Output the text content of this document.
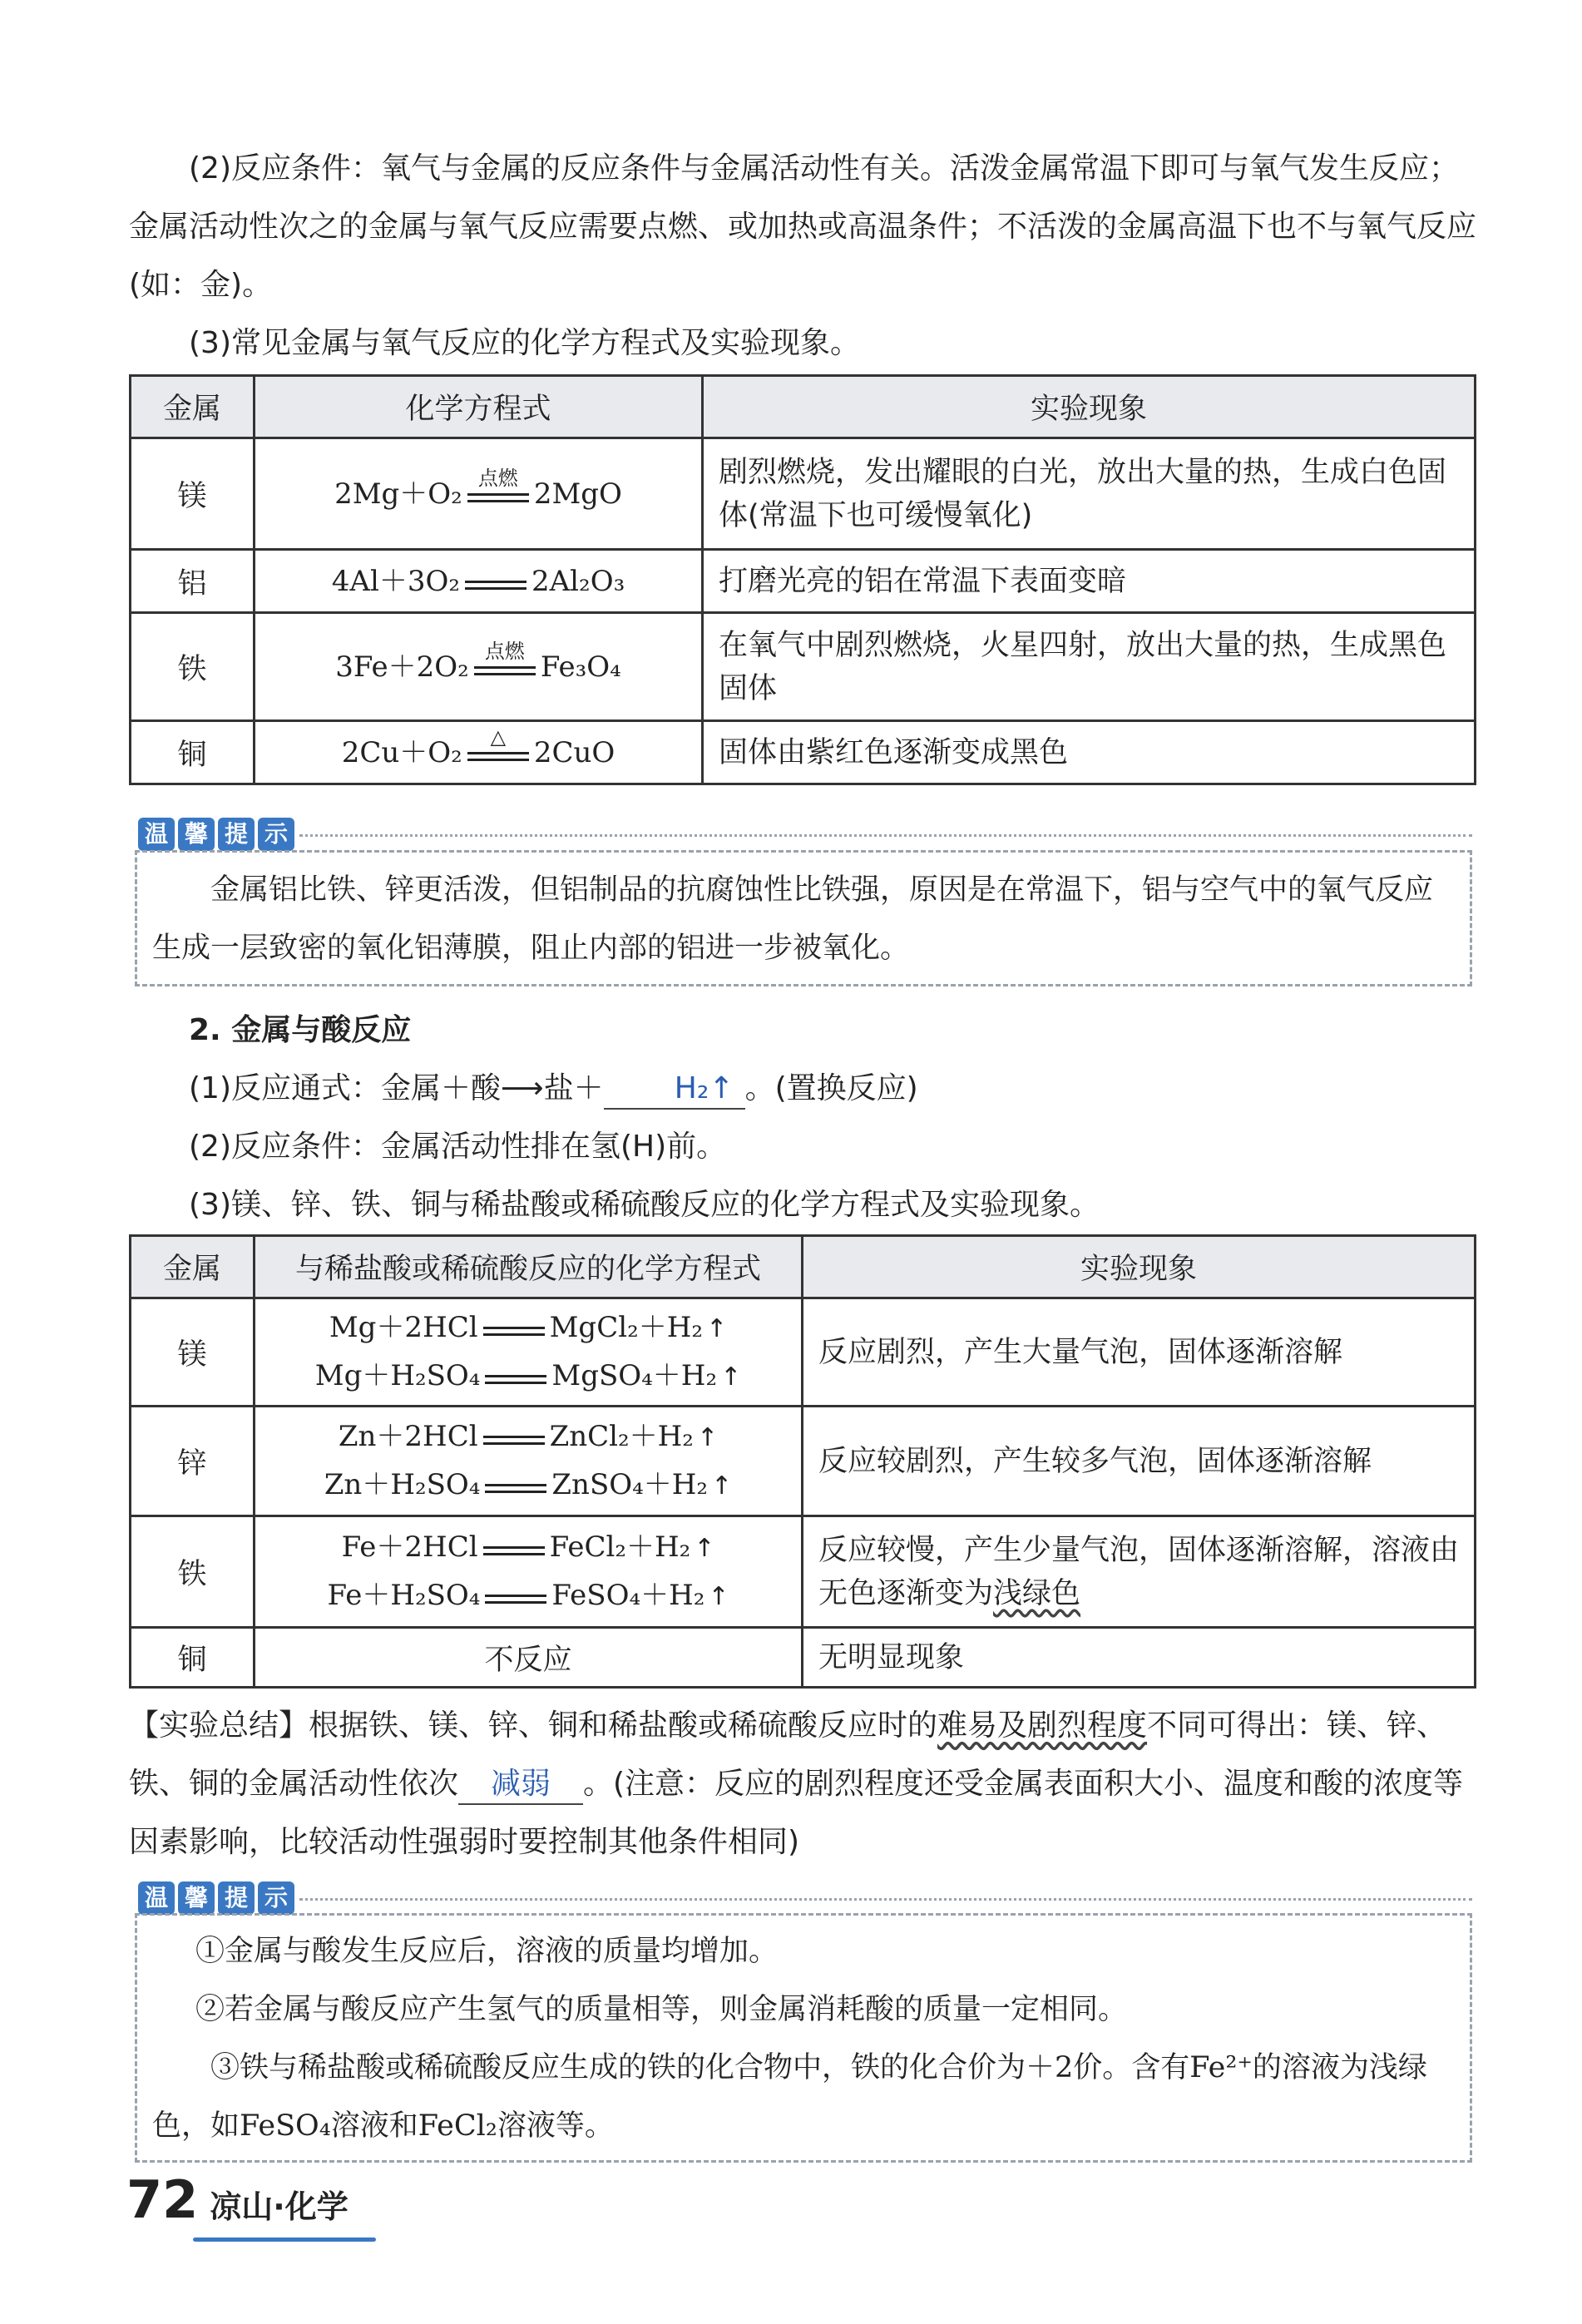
(2)反应条件：氧气与金属的反应条件与金属活动性有关。活泼金属常温下即可与氧气发生反应；金属活动性次之的金属与氧气反应需要点燃、或加热或高温条件；不活泼的金属高温下也不与氧气反应(如：金)。

(3)常见金属与氧气反应的化学方程式及实验现象。

金属	化学方程式	实验现象
镁	2Mg＋O₂ 点燃 2MgO	剧烈燃烧，发出耀眼的白光，放出大量的热，生成白色固体(常温下也可缓慢氧化)
铝	4Al＋3O₂ 2Al₂O₃	打磨光亮的铝在常温下表面变暗
铁	3Fe＋2O₂ 点燃 Fe₃O₄	在氧气中剧烈燃烧，火星四射，放出大量的热，生成黑色固体
铜	2Cu＋O₂ △ 2CuO	固体由紫红色逐渐变成黑色
温 馨 提 示

金属铝比铁、锌更活泼，但铝制品的抗腐蚀性比铁强，原因是在常温下，铝与空气中的氧气反应生成一层致密的氧化铝薄膜，阻止内部的铝进一步被氧化。

2. 金属与酸反应

(1)反应通式：金属＋酸⟶盐＋ H₂↑ 。(置换反应)

(2)反应条件：金属活动性排在氢(H)前。

(3)镁、锌、铁、铜与稀盐酸或稀硫酸反应的化学方程式及实验现象。

金属	与稀盐酸或稀硫酸反应的化学方程式	实验现象
镁	Mg＋2HCl MgCl₂＋H₂ ↑
Mg＋H₂SO₄ MgSO₄＋H₂ ↑	反应剧烈，产生大量气泡，固体逐渐溶解
锌	Zn＋2HCl ZnCl₂＋H₂ ↑
Zn＋H₂SO₄ ZnSO₄＋H₂ ↑	反应较剧烈，产生较多气泡，固体逐渐溶解
铁	Fe＋2HCl FeCl₂＋H₂ ↑
Fe＋H₂SO₄ FeSO₄＋H₂ ↑	反应较慢，产生少量气泡，固体逐渐溶解，溶液由无色逐渐变为浅绿色
铜	不反应	无明显现象

【实验总结】根据铁、镁、锌、铜和稀盐酸或稀硫酸反应时的难易及剧烈程度不同可得出：镁、锌、铁、铜的金属活动性依次 减弱 。(注意：反应的剧烈程度还受金属表面积大小、温度和酸的浓度等因素影响，比较活动性强弱时要控制其他条件相同)

温 馨 提 示

①金属与酸发生反应后，溶液的质量均增加。

②若金属与酸反应产生氢气的质量相等，则金属消耗酸的质量一定相同。

③铁与稀盐酸或稀硫酸反应生成的铁的化合物中，铁的化合价为＋2价。含有Fe²⁺的溶液为浅绿色，如FeSO₄溶液和FeCl₂溶液等。

72 凉山·化学
